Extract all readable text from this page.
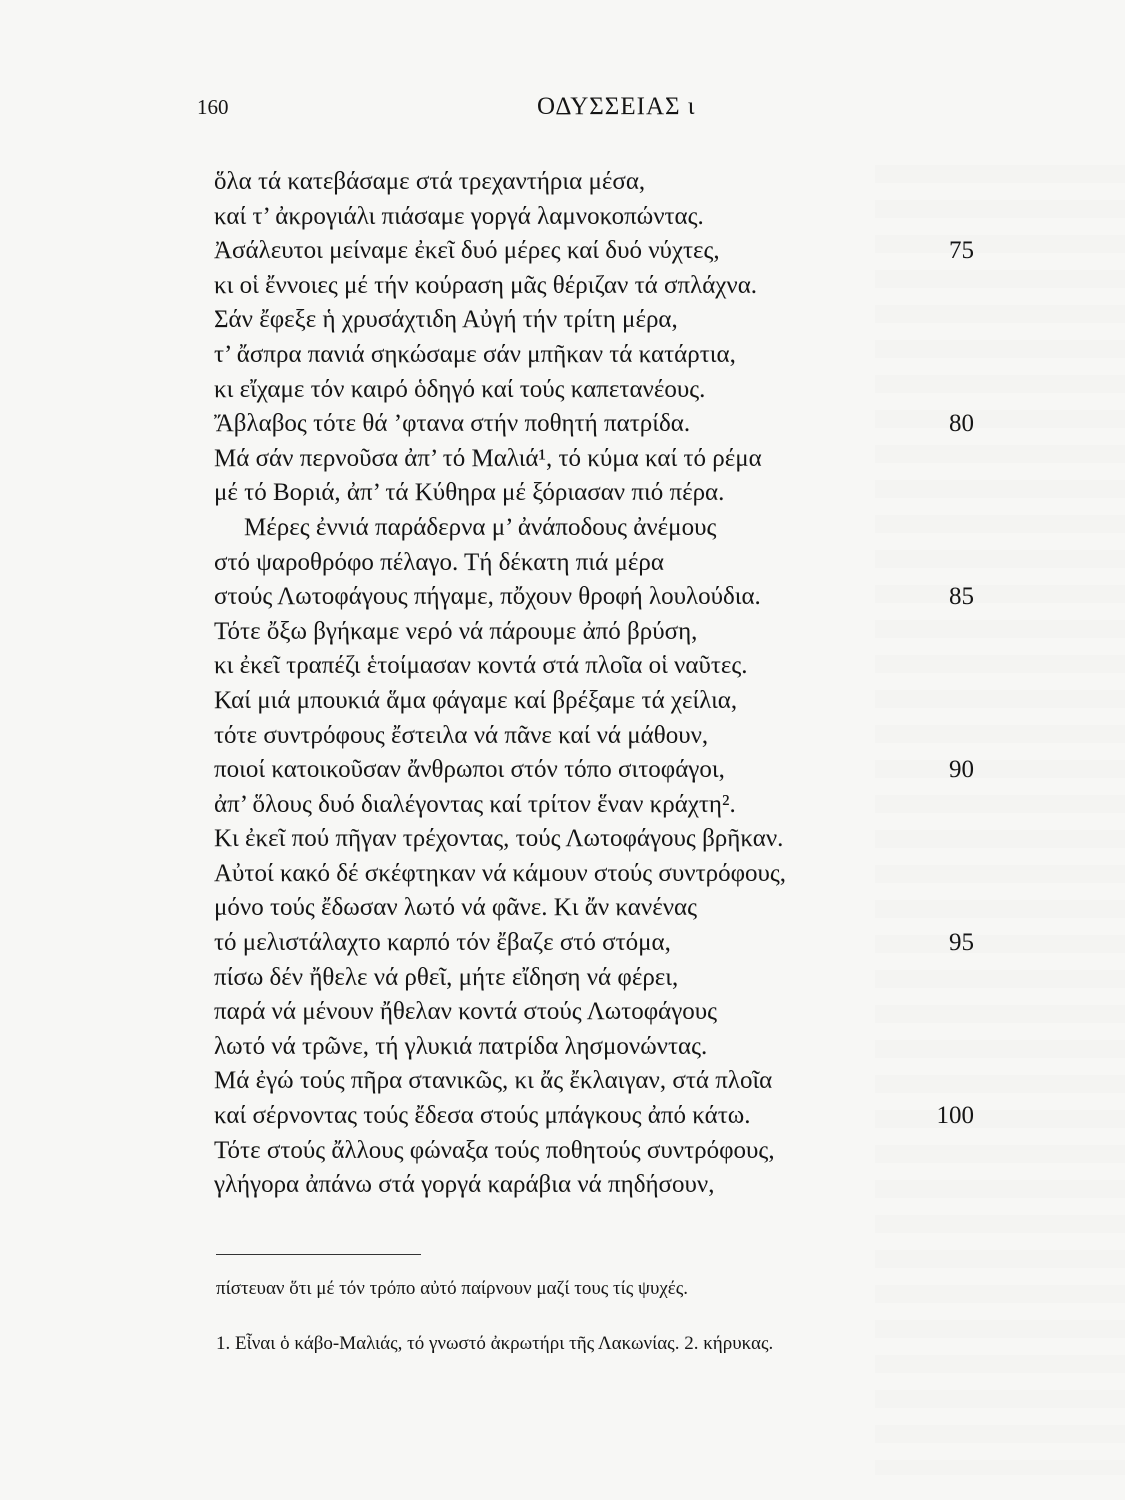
160	ΟΔΥΣΣΕΙΑΣ ι
ὅλα τά κατεβάσαμε στά τρεχαντήρια μέσα,
καί τ’ ἀκρογιάλι πιάσαμε γοργά λαμνοκοπώντας.
Ἀσάλευτοι μείναμε ἐκεῖ δυό μέρες καί δυό νύχτες,	75
κι οἱ ἔννοιες μέ τήν κούραση μᾶς θέριζαν τά σπλάχνα.
Σάν ἔφεξε ἡ χρυσάχτιδη Αὐγή τήν τρίτη μέρα,
τ’ ἄσπρα πανιά σηκώσαμε σάν μπῆκαν τά κατάρτια,
κι εἴχαμε τόν καιρό ὁδηγό καί τούς καπετανέους.
Ἄβλαβος τότε θά ’φτανα στήν ποθητή πατρίδα.	80
Μά σάν περνοῦσα ἀπ’ τό Μαλιά¹, τό κύμα καί τό ρέμα
μέ τό Βοριά, ἀπ’ τά Κύθηρα μέ ξόριασαν πιό πέρα.
Μέρες ἐννιά παράδερνα μ’ ἀνάποδους ἀνέμους
στό ψαροθρόφο πέλαγο. Τή δέκατη πιά μέρα
στούς Λωτοφάγους πήγαμε, πὄχουν θροφή λουλούδια.	85
Τότε ὄξω βγήκαμε νερό νά πάρουμε ἀπό βρύση,
κι ἐκεῖ τραπέζι ἑτοίμασαν κοντά στά πλοῖα οἱ ναῦτες.
Καί μιά μπουκιά ἅμα φάγαμε καί βρέξαμε τά χείλια,
τότε συντρόφους ἔστειλα νά πᾶνε καί νά μάθουν,
ποιοί κατοικοῦσαν ἄνθρωποι στόν τόπο σιτοφάγοι,	90
ἀπ’ ὅλους δυό διαλέγοντας καί τρίτον ἕναν κράχτη².
Κι ἐκεῖ πού πῆγαν τρέχοντας, τούς Λωτοφάγους βρῆκαν.
Αὐτοί κακό δέ σκέφτηκαν νά κάμουν στούς συντρόφους,
μόνο τούς ἔδωσαν λωτό νά φᾶνε. Κι ἄν κανένας
τό μελιστάλαχτο καρπό τόν ἔβαζε στό στόμα,	95
πίσω δέν ἤθελε νά ρθεῖ, μήτε εἴδηση νά φέρει,
παρά νά μένουν ἤθελαν κοντά στούς Λωτοφάγους
λωτό νά τρῶνε, τή γλυκιά πατρίδα λησμονώντας.
Μά ἐγώ τούς πῆρα στανικῶς, κι ἄς ἔκλαιγαν, στά πλοῖα
καί σέρνοντας τούς ἔδεσα στούς μπάγκους ἀπό κάτω.	100
Τότε στούς ἄλλους φώναξα τούς ποθητούς συντρόφους,
γλήγορα ἀπάνω στά γοργά καράβια νά πηδήσουν,
πίστευαν ὅτι μέ τόν τρόπο αὐτό παίρνουν μαζί τους τίς ψυχές.
1. Εἶναι ὁ κάβο-Μαλιάς, τό γνωστό ἀκρωτήρι τῆς Λακωνίας. 2. κήρυκας.
